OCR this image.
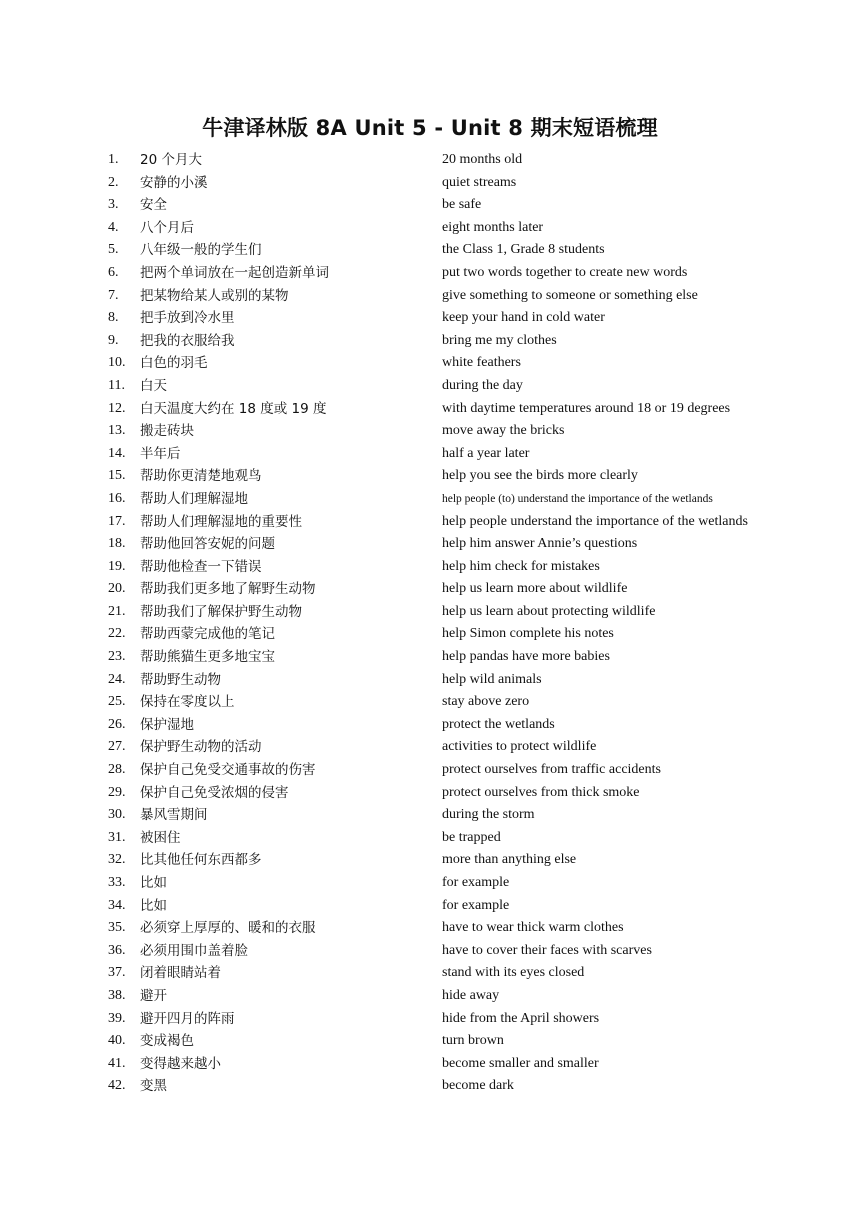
牛津译林版 8A Unit 5 - Unit 8 期末短语梳理
1. 20 个月大	20 months old
2. 安静的小溪	quiet streams
3. 安全	be safe
4. 八个月后	eight months later
5. 八年级一般的学生们	the Class 1, Grade 8 students
6. 把两个单词放在一起创造新单词	put two words together to create new words
7. 把某物给某人或别的某物	give something to someone or something else
8. 把手放到冷水里	keep your hand in cold water
9. 把我的衣服给我	bring me my clothes
10. 白色的羽毛	white feathers
11. 白天	during the day
12. 白天温度大约在 18 度或 19 度	with daytime temperatures around 18 or 19 degrees
13. 搬走砖块	move away the bricks
14. 半年后	half a year later
15. 帮助你更清楚地观鸟	help you see the birds more clearly
16. 帮助人们理解湿地	help people (to) understand the importance of the wetlands
17. 帮助人们理解湿地的重要性	help people understand the importance of the wetlands
18. 帮助他回答安妮的问题	help him answer Annie’s questions
19. 帮助他检查一下错误	help him check for mistakes
20. 帮助我们更多地了解野生动物	help us learn more about wildlife
21. 帮助我们了解保护野生动物	help us learn about protecting wildlife
22. 帮助西蒙完成他的笔记	help Simon complete his notes
23. 帮助熊猫生更多地宝宝	help pandas have more babies
24. 帮助野生动物	help wild animals
25. 保持在零度以上	stay above zero
26. 保护湿地	protect the wetlands
27. 保护野生动物的活动	activities to protect wildlife
28. 保护自己免受交通事故的伤害	protect ourselves from traffic accidents
29. 保护自己免受浓烟的侵害	protect ourselves from thick smoke
30. 暴风雪期间	during the storm
31. 被困住	be trapped
32. 比其他任何东西都多	more than anything else
33. 比如	for example
34. 比如	for example
35. 必须穿上厚厚的、暖和的衣服	have to wear thick warm clothes
36. 必须用围巾盖着脸	have to cover their faces with scarves
37. 闭着眼睛站着	stand with its eyes closed
38. 避开	hide away
39. 避开四月的阵雨	hide from the April showers
40. 变成褐色	turn brown
41. 变得越来越小	become smaller and smaller
42. 变黑	become dark
